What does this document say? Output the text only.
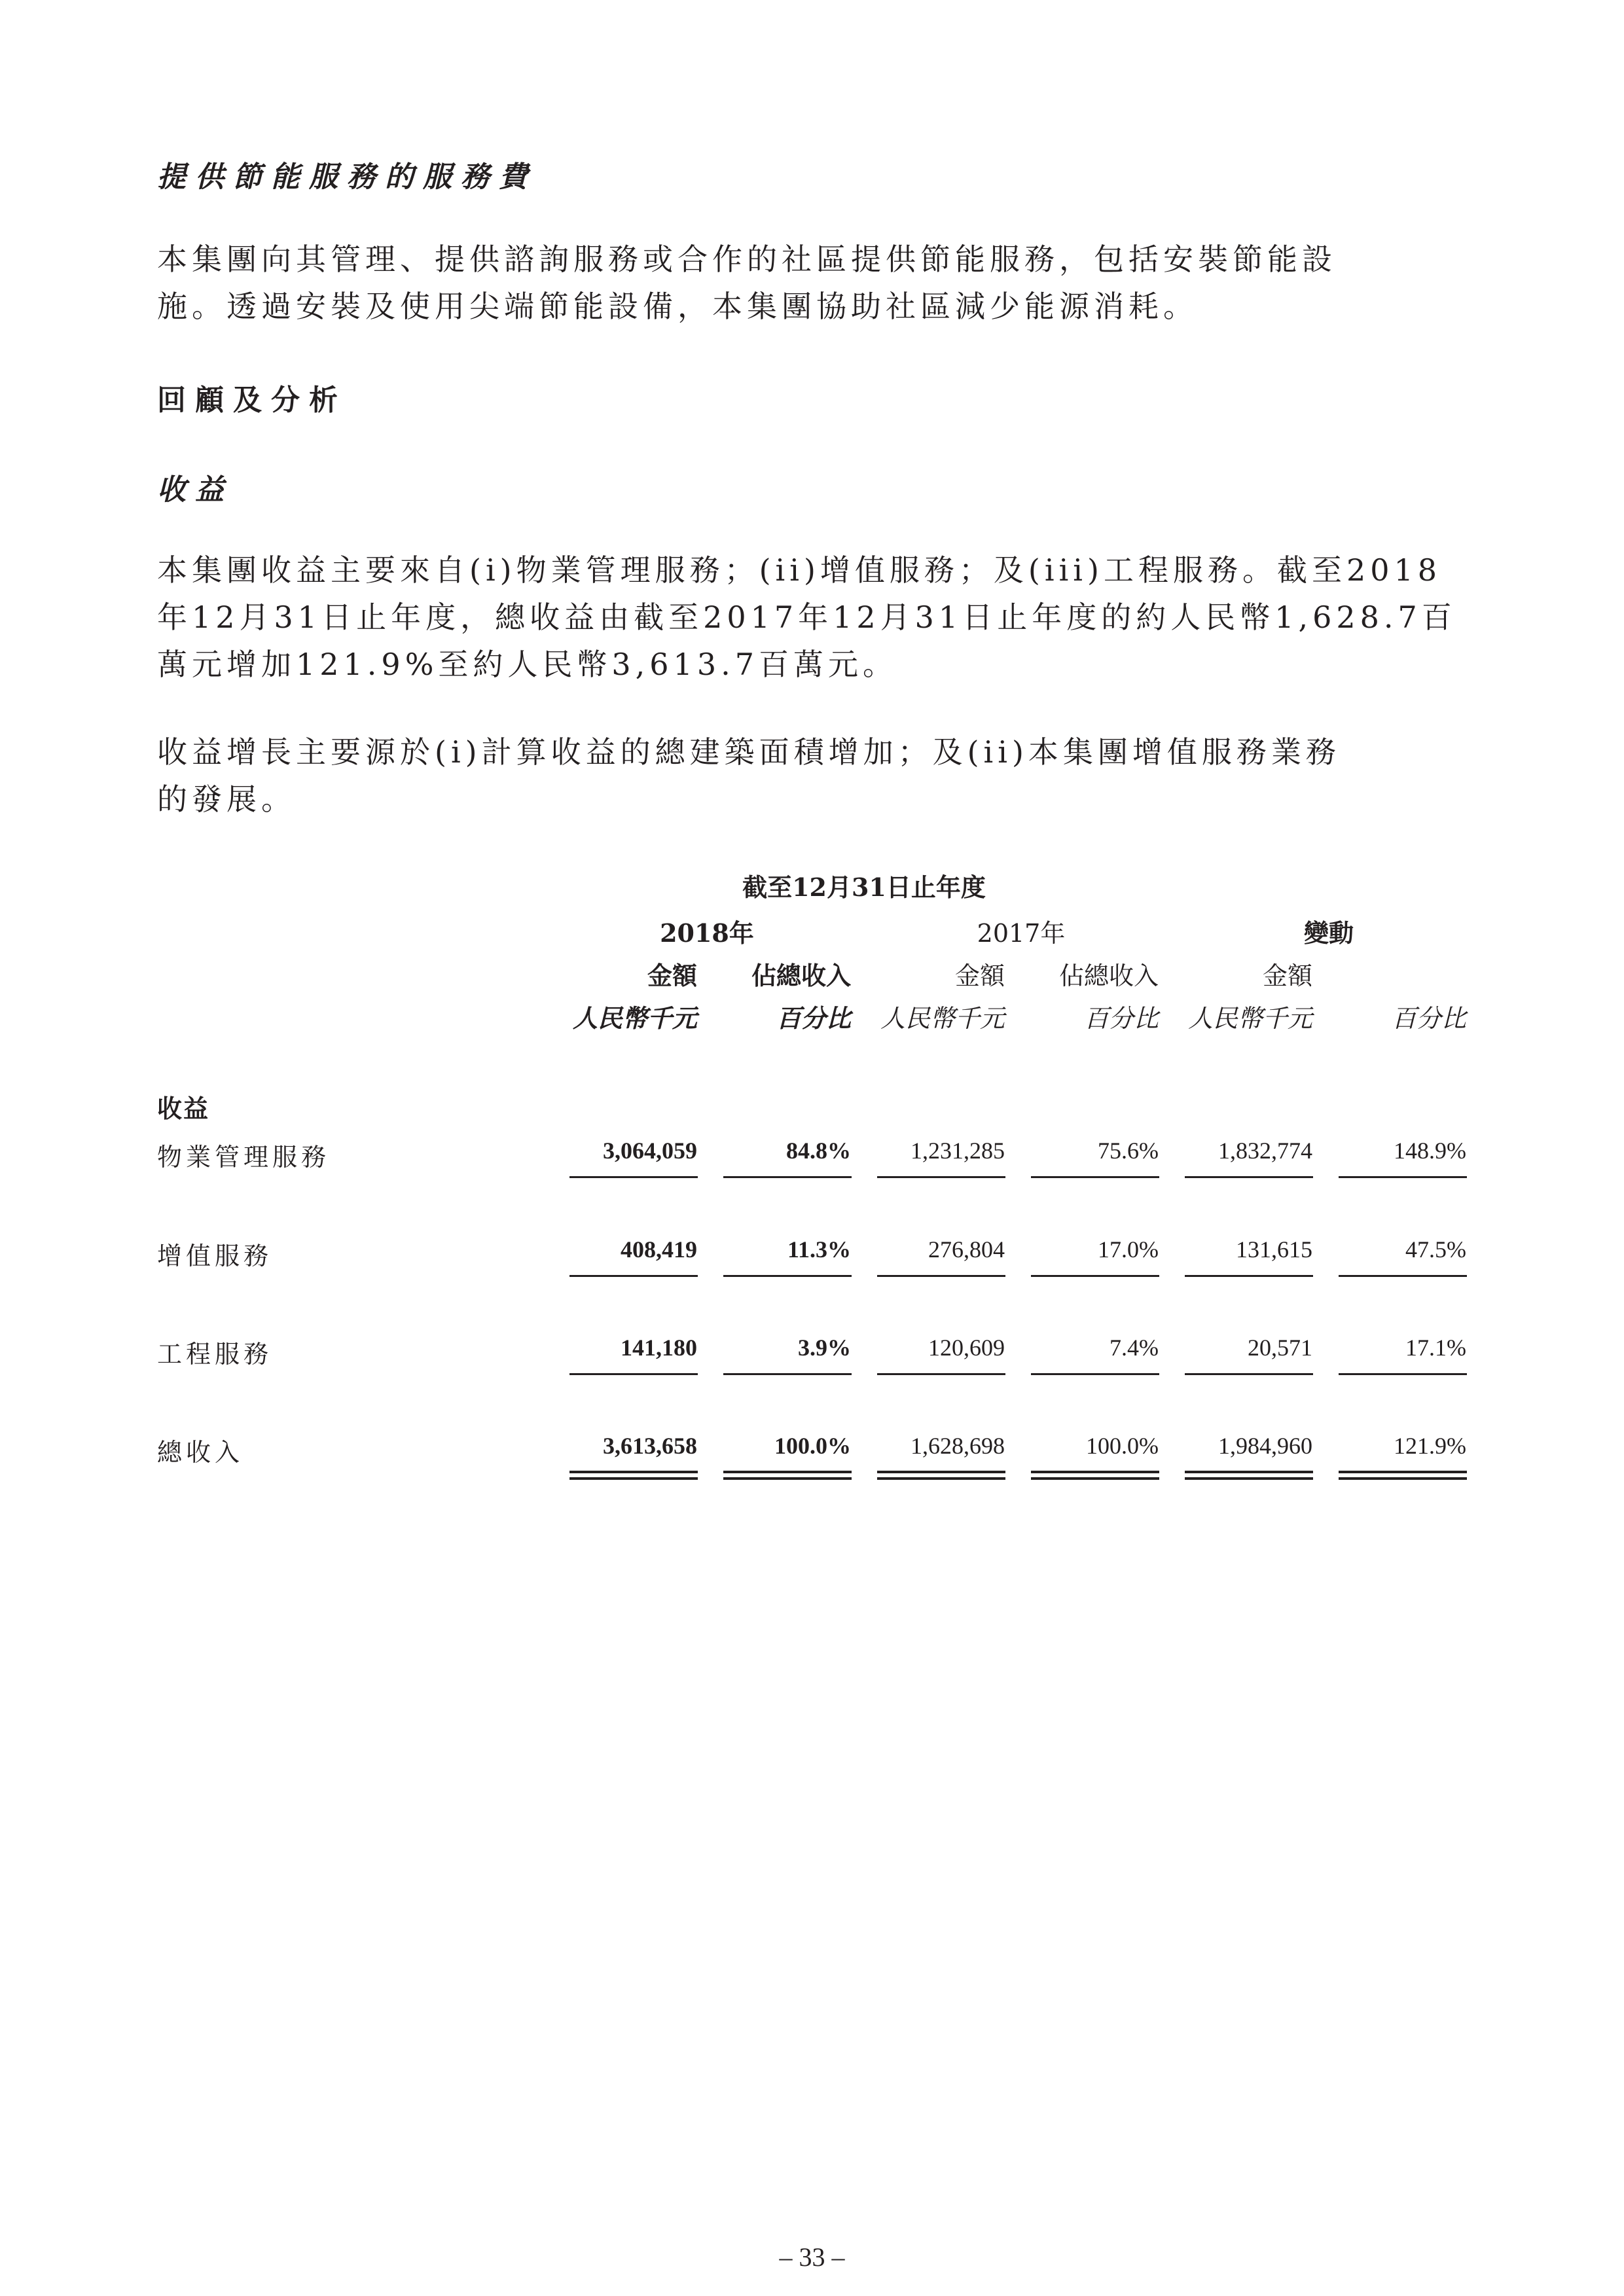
提供節能服務的服務費
本集團向其管理、提供諮詢服務或合作的社區提供節能服務，包括安裝節能設
施。透過安裝及使用尖端節能設備，本集團協助社區減少能源消耗。
回顧及分析
收益
本集團收益主要來自(i)物業管理服務；(ii)增值服務；及(iii)工程服務。截至2018
年12月31日止年度，總收益由截至2017年12月31日止年度的約人民幣1,628.7百
萬元增加121.9%至約人民幣3,613.7百萬元。
收益增長主要源於(i)計算收益的總建築面積增加；及(ii)本集團增值服務業務
的發展。
截至12月31日止年度
2018年	2017年	變動
金額	佔總收入	金額	佔總收入	金額
人民幣千元	百分比	人民幣千元	百分比	人民幣千元	百分比
收益
物業管理服務	3,064,059	84.8%	1,231,285	75.6%	1,832,774	148.9%
增值服務	408,419	11.3%	276,804	17.0%	131,615	47.5%
工程服務	141,180	3.9%	120,609	7.4%	20,571	17.1%
總收入	3,613,658	100.0%	1,628,698	100.0%	1,984,960	121.9%
– 33 –
